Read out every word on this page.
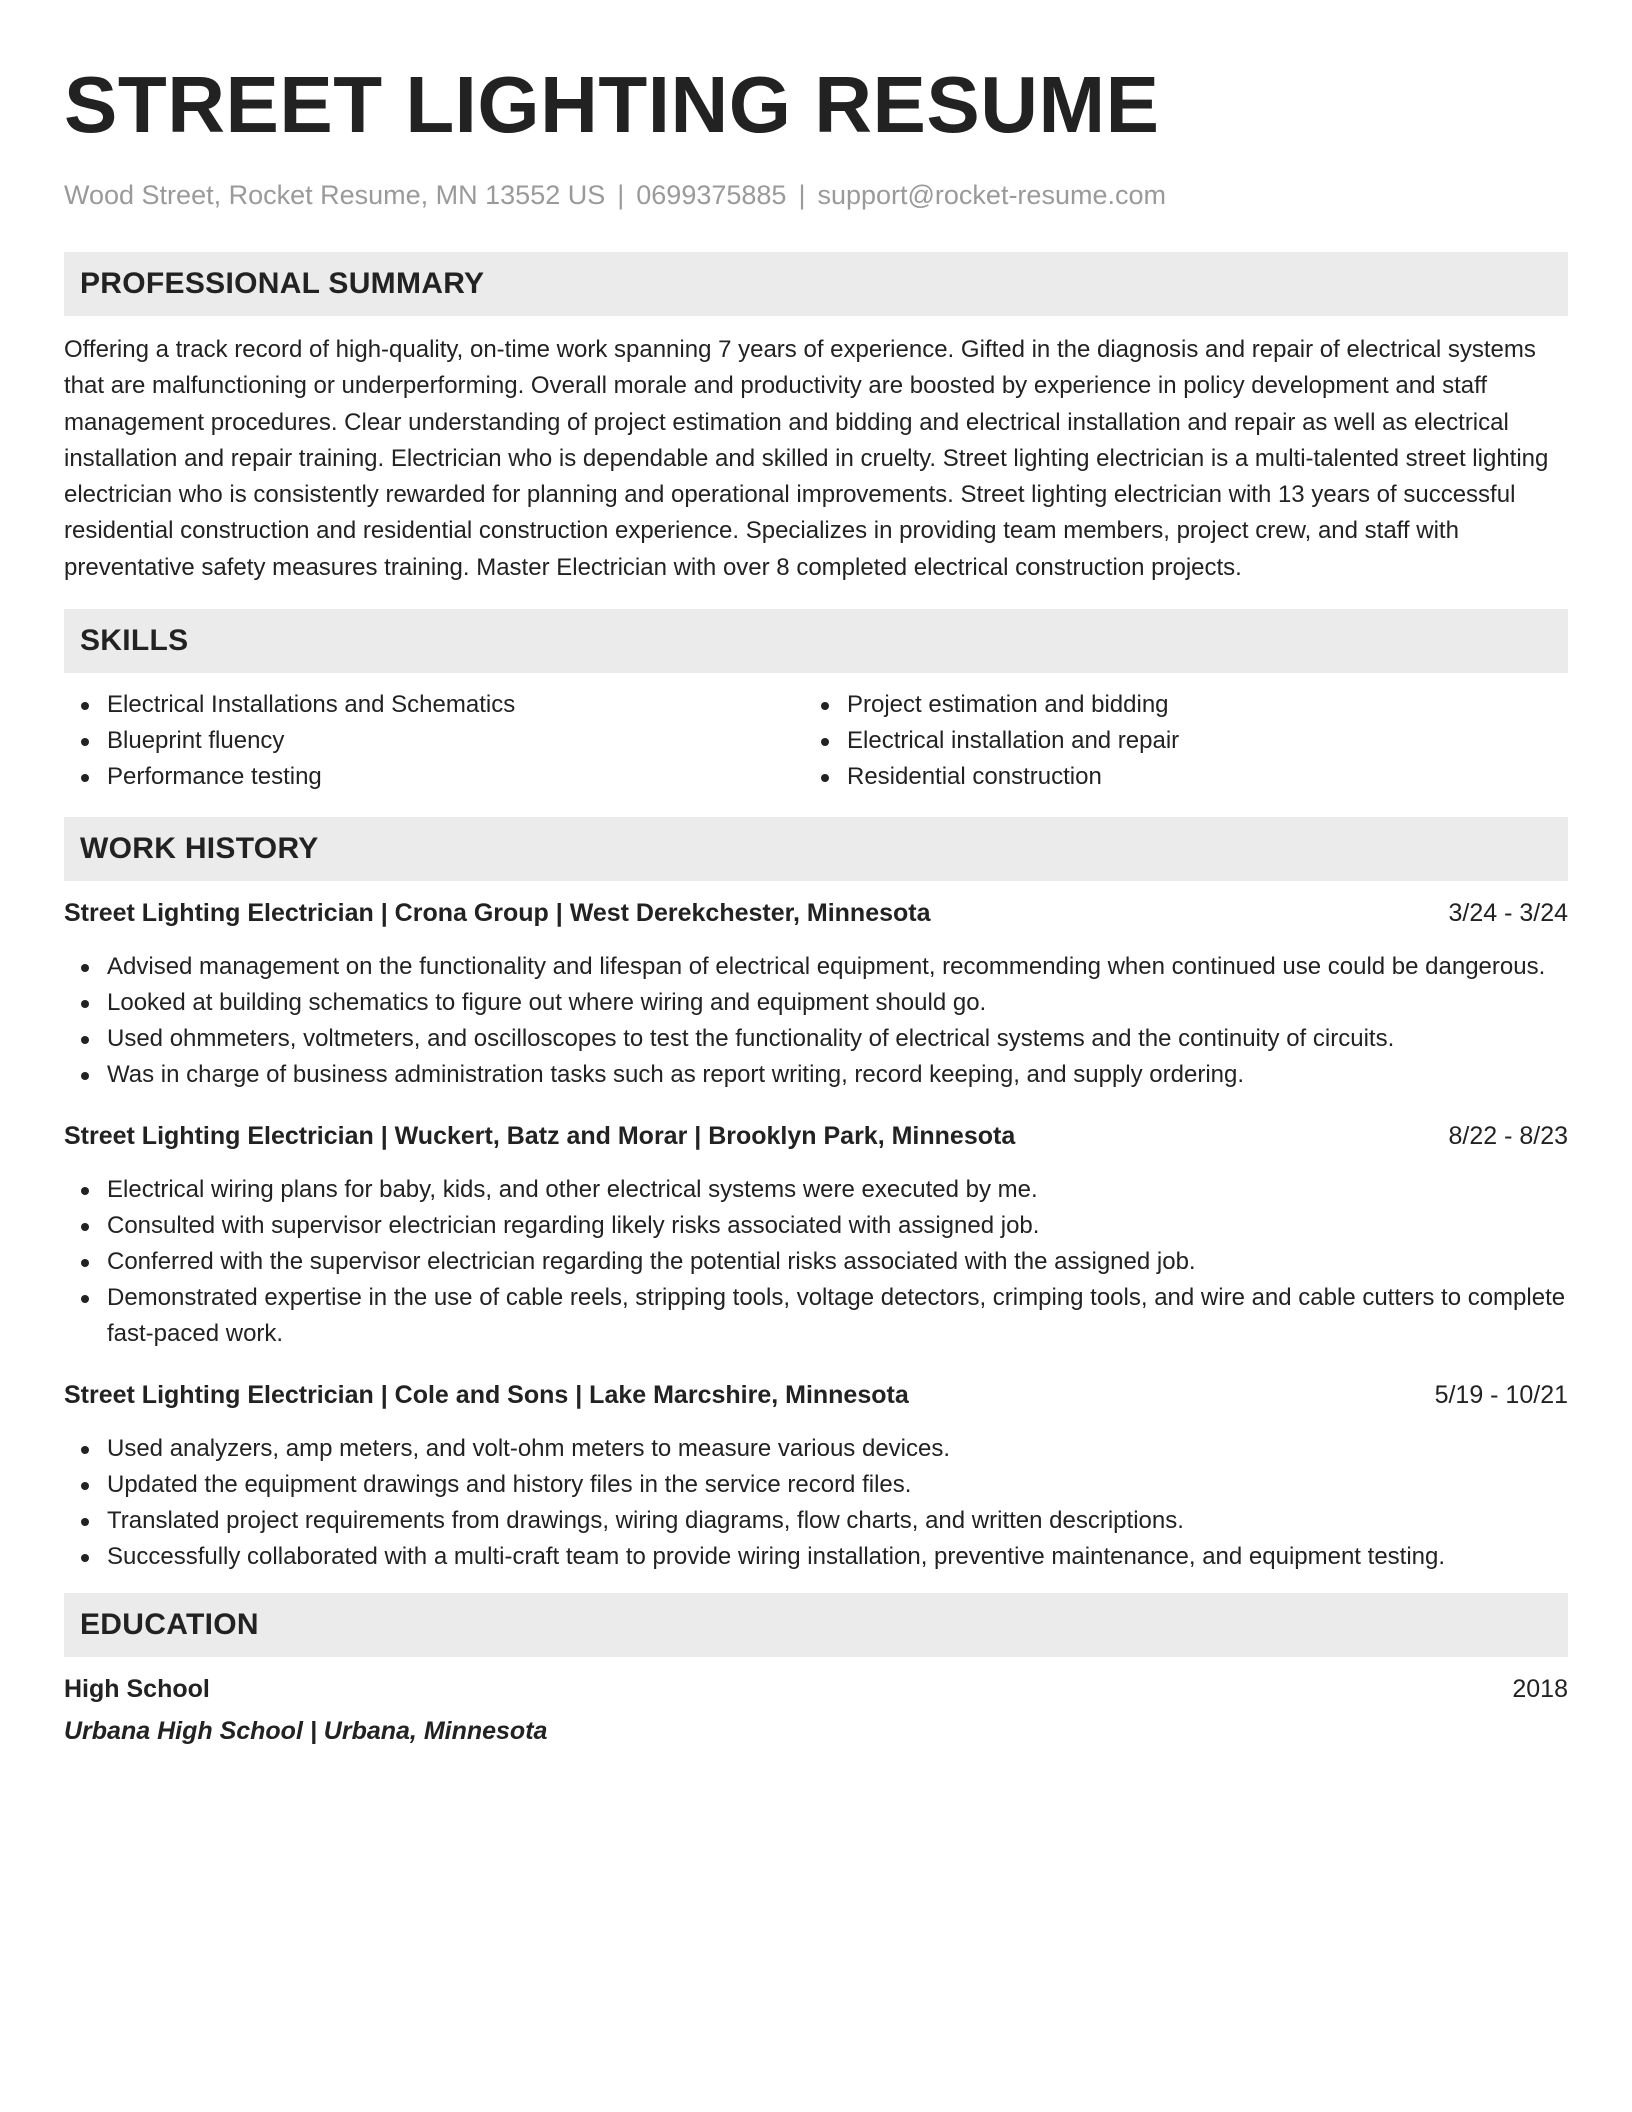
STREET LIGHTING RESUME
Wood Street, Rocket Resume, MN 13552 US | 0699375885 | support@rocket-resume.com
PROFESSIONAL SUMMARY

Offering a track record of high-quality, on-time work spanning 7 years of experience. Gifted in the diagnosis and repair of electrical systems that are malfunctioning or underperforming. Overall morale and productivity are boosted by experience in policy development and staff management procedures. Clear understanding of project estimation and bidding and electrical installation and repair as well as electrical installation and repair training. Electrician who is dependable and skilled in cruelty. Street lighting electrician is a multi-talented street lighting electrician who is consistently rewarded for planning and operational improvements. Street lighting electrician with 13 years of successful residential construction and residential construction experience. Specializes in providing team members, project crew, and staff with preventative safety measures training. Master Electrician with over 8 completed electrical construction projects.

SKILLS
Electrical Installations and Schematics
Blueprint fluency
Performance testing
Project estimation and bidding
Electrical installation and repair
Residential construction
WORK HISTORY
Street Lighting Electrician | Crona Group | West Derekchester, Minnesota	3/24 - 3/24
Advised management on the functionality and lifespan of electrical equipment, recommending when continued use could be dangerous.
Looked at building schematics to figure out where wiring and equipment should go.
Used ohmmeters, voltmeters, and oscilloscopes to test the functionality of electrical systems and the continuity of circuits.
Was in charge of business administration tasks such as report writing, record keeping, and supply ordering.
Street Lighting Electrician | Wuckert, Batz and Morar | Brooklyn Park, Minnesota	8/22 - 8/23
Electrical wiring plans for baby, kids, and other electrical systems were executed by me.
Consulted with supervisor electrician regarding likely risks associated with assigned job.
Conferred with the supervisor electrician regarding the potential risks associated with the assigned job.
Demonstrated expertise in the use of cable reels, stripping tools, voltage detectors, crimping tools, and wire and cable cutters to complete fast-paced work.
Street Lighting Electrician | Cole and Sons | Lake Marcshire, Minnesota	5/19 - 10/21
Used analyzers, amp meters, and volt-ohm meters to measure various devices.
Updated the equipment drawings and history files in the service record files.
Translated project requirements from drawings, wiring diagrams, flow charts, and written descriptions.
Successfully collaborated with a multi-craft team to provide wiring installation, preventive maintenance, and equipment testing.
EDUCATION
High School	2018
Urbana High School | Urbana, Minnesota
